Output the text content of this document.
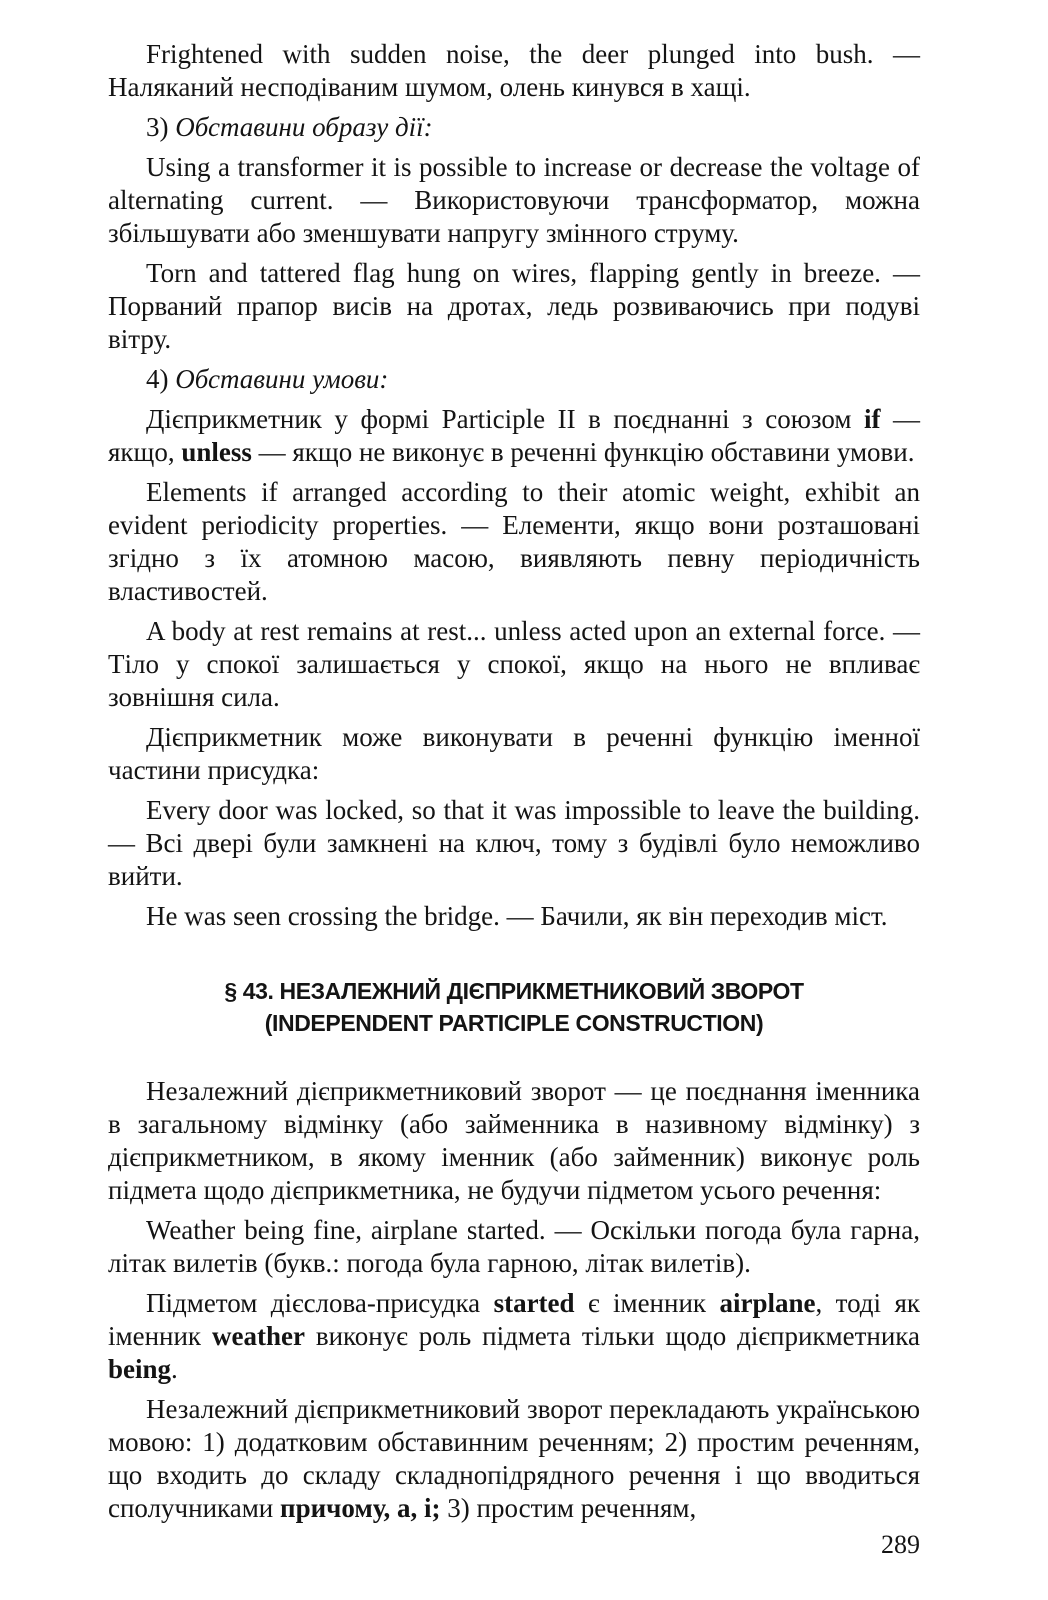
Frightened with sudden noise, the deer plunged into bush. — Наляканий несподіваним шумом, олень кинувся в хащі.

3) Обставини образу дії:

Using a transformer it is possible to increase or decrease the voltage of alternating current. — Використовуючи трансформатор, можна збільшувати або зменшувати напругу змінного струму.

Torn and tattered flag hung on wires, flapping gently in breeze. — Порваний прапор висів на дротах, ледь розвиваючись при подуві вітру.

4) Обставини умови:

Дієприкметник у формі Participle II в поєднанні з союзом if — якщо, unless — якщо не виконує в реченні функцію обставини умови.

Elements if arranged according to their atomic weight, exhibit an evident periodicity properties. — Елементи, якщо вони розташовані згідно з їх атомною масою, виявляють певну періодичність властивостей.

A body at rest remains at rest... unless acted upon an external force. — Тіло у спокої залишається у спокої, якщо на нього не впливає зовнішня сила.

Дієприкметник може виконувати в реченні функцію іменної частини присудка:

Every door was locked, so that it was impossible to leave the building. — Всі двері були замкнені на ключ, тому з будівлі було неможливо вийти.

He was seen crossing the bridge. — Бачили, як він переходив міст.

§ 43. НЕЗАЛЕЖНИЙ ДІЄПРИКМЕТНИКОВИЙ ЗВОРОТ
(INDEPENDENT PARTICIPLE CONSTRUCTION)

Незалежний дієприкметниковий зворот — це поєднання іменника в загальному відмінку (або займенника в називному відмінку) з дієприкметником, в якому іменник (або займенник) виконує роль підмета щодо дієприкметника, не будучи підметом усього речення:

Weather being fine, airplane started. — Оскільки погода була гарна, літак вилетів (букв.: погода була гарною, літак вилетів).

Підметом дієслова-присудка started є іменник airplane, тоді як іменник weather виконує роль підмета тільки щодо дієприкметника being.

Незалежний дієприкметниковий зворот перекладають українською мовою: 1) додатковим обставинним реченням; 2) простим реченням, що входить до складу складнопідрядного речення і що вводиться сполучниками причому, а, і; 3) простим реченням,

289
